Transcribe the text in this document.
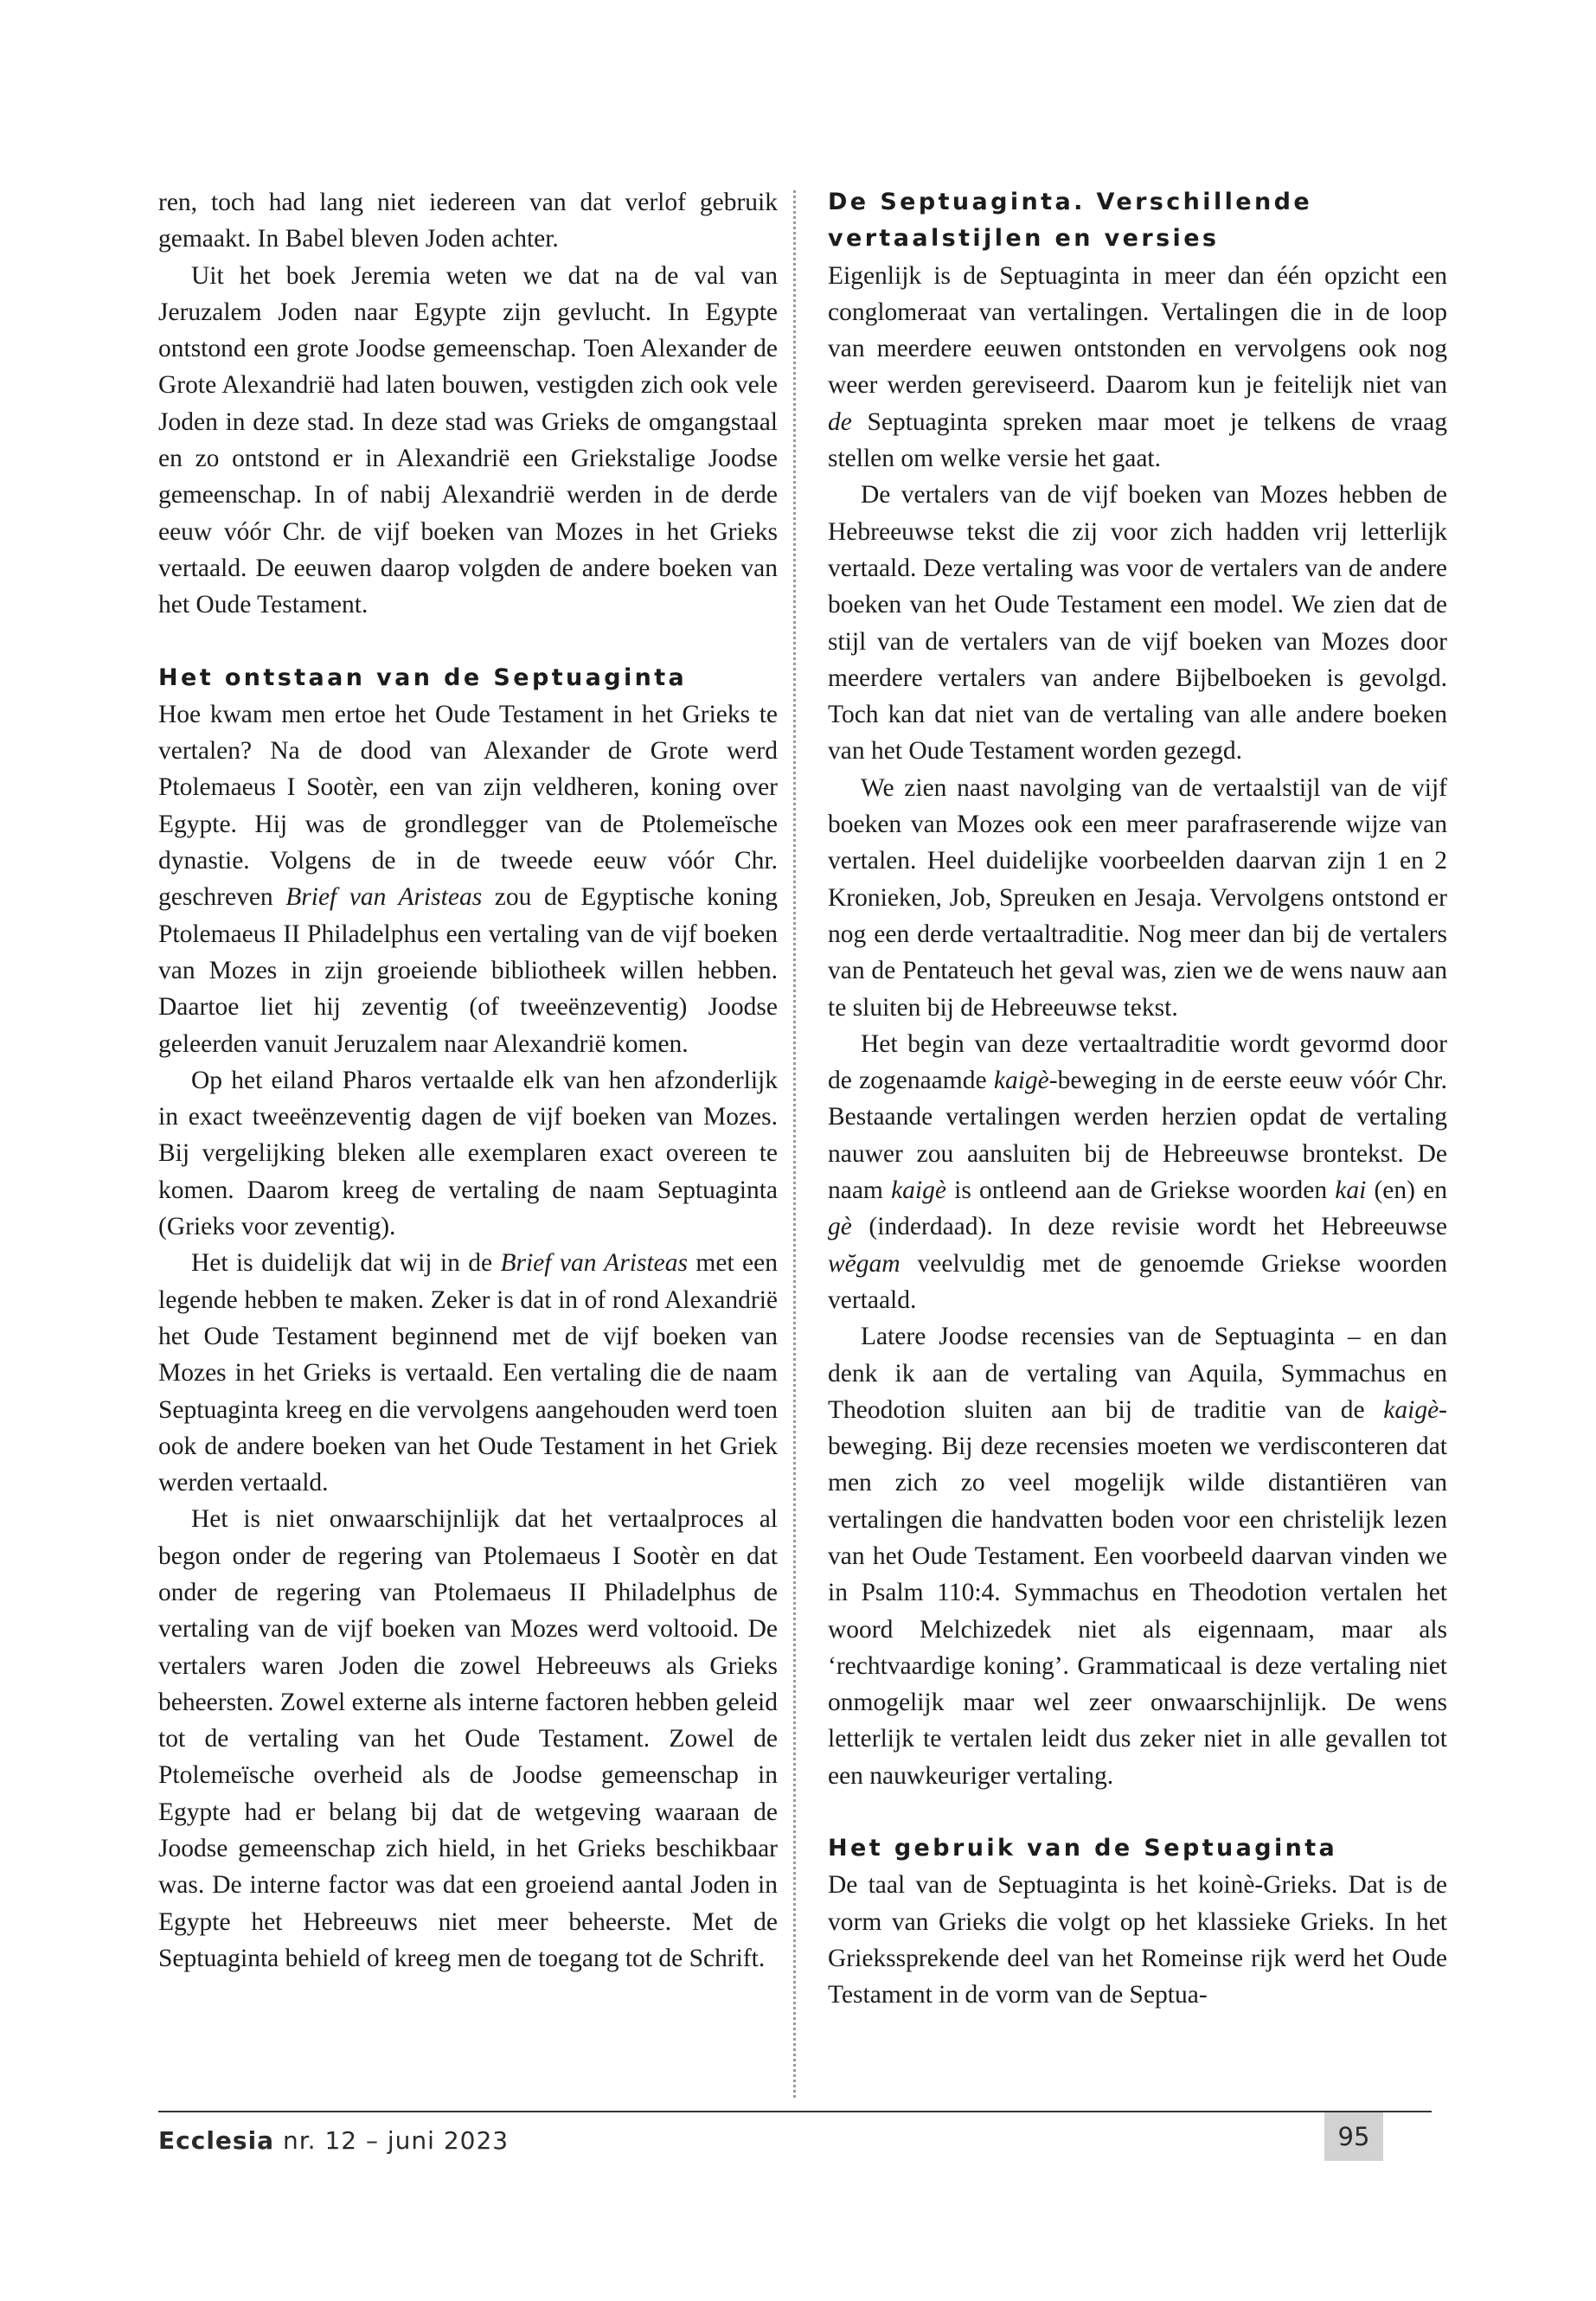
ren, toch had lang niet iedereen van dat verlof gebruik gemaakt. In Babel bleven Joden achter.

Uit het boek Jeremia weten we dat na de val van Jeruzalem Joden naar Egypte zijn gevlucht. In Egypte ontstond een grote Joodse gemeenschap. Toen Alexander de Grote Alexandrië had laten bouwen, vestigden zich ook vele Joden in deze stad. In deze stad was Grieks de omgangstaal en zo ontstond er in Alexandrië een Griekstalige Joodse gemeenschap. In of nabij Alexandrië werden in de derde eeuw vóór Chr. de vijf boeken van Mozes in het Grieks vertaald. De eeuwen daarop volgden de andere boeken van het Oude Testament.

Het ontstaan van de Septuaginta

Hoe kwam men ertoe het Oude Testament in het Grieks te vertalen? Na de dood van Alexander de Grote werd Ptolemaeus I Sootèr, een van zijn veldheren, koning over Egypte. Hij was de grondlegger van de Ptolemeïsche dynastie. Volgens de in de tweede eeuw vóór Chr. geschreven Brief van Aristeas zou de Egyptische koning Ptolemaeus II Philadelphus een vertaling van de vijf boeken van Mozes in zijn groeiende bibliotheek willen hebben. Daartoe liet hij zeventig (of tweeënzeventig) Joodse geleerden vanuit Jeruzalem naar Alexandrië komen.

Op het eiland Pharos vertaalde elk van hen afzonderlijk in exact tweeënzeventig dagen de vijf boeken van Mozes. Bij vergelijking bleken alle exemplaren exact overeen te komen. Daarom kreeg de vertaling de naam Septuaginta (Grieks voor zeventig).

Het is duidelijk dat wij in de Brief van Aristeas met een legende hebben te maken. Zeker is dat in of rond Alexandrië het Oude Testament beginnend met de vijf boeken van Mozes in het Grieks is vertaald. Een vertaling die de naam Septuaginta kreeg en die vervolgens aangehouden werd toen ook de andere boeken van het Oude Testament in het Griek werden vertaald.

Het is niet onwaarschijnlijk dat het vertaalproces al begon onder de regering van Ptolemaeus I Sootèr en dat onder de regering van Ptolemaeus II Philadelphus de vertaling van de vijf boeken van Mozes werd voltooid. De vertalers waren Joden die zowel Hebreeuws als Grieks beheersten. Zowel externe als interne factoren hebben geleid tot de vertaling van het Oude Testament. Zowel de Ptolemeïsche overheid als de Joodse gemeenschap in Egypte had er belang bij dat de wetgeving waaraan de Joodse gemeenschap zich hield, in het Grieks beschikbaar was. De interne factor was dat een groeiend aantal Joden in Egypte het Hebreeuws niet meer beheerste. Met de Septuaginta behield of kreeg men de toegang tot de Schrift.

De Septuaginta. Verschillende vertaalstijlen en versies

Eigenlijk is de Septuaginta in meer dan één opzicht een conglomeraat van vertalingen. Vertalingen die in de loop van meerdere eeuwen ontstonden en vervolgens ook nog weer werden gereviseerd. Daarom kun je feitelijk niet van de Septuaginta spreken maar moet je telkens de vraag stellen om welke versie het gaat.

De vertalers van de vijf boeken van Mozes hebben de Hebreeuwse tekst die zij voor zich hadden vrij letterlijk vertaald. Deze vertaling was voor de vertalers van de andere boeken van het Oude Testament een model. We zien dat de stijl van de vertalers van de vijf boeken van Mozes door meerdere vertalers van andere Bijbelboeken is gevolgd. Toch kan dat niet van de vertaling van alle andere boeken van het Oude Testament worden gezegd.

We zien naast navolging van de vertaalstijl van de vijf boeken van Mozes ook een meer parafraserende wijze van vertalen. Heel duidelijke voorbeelden daarvan zijn 1 en 2 Kronieken, Job, Spreuken en Jesaja. Vervolgens ontstond er nog een derde vertaaltraditie. Nog meer dan bij de vertalers van de Pentateuch het geval was, zien we de wens nauw aan te sluiten bij de Hebreeuwse tekst.

Het begin van deze vertaaltraditie wordt gevormd door de zogenaamde kaigè-beweging in de eerste eeuw vóór Chr. Bestaande vertalingen werden herzien opdat de vertaling nauwer zou aansluiten bij de Hebreeuwse brontekst. De naam kaigè is ontleend aan de Griekse woorden kai (en) en gè (inderdaad). In deze revisie wordt het Hebreeuwse wĕgam veelvuldig met de genoemde Griekse woorden vertaald.

Latere Joodse recensies van de Septuaginta – en dan denk ik aan de vertaling van Aquila, Symmachus en Theodotion sluiten aan bij de traditie van de kaigè-beweging. Bij deze recensies moeten we verdisconteren dat men zich zo veel mogelijk wilde distantiëren van vertalingen die handvatten boden voor een christelijk lezen van het Oude Testament. Een voorbeeld daarvan vinden we in Psalm 110:4. Symmachus en Theodotion vertalen het woord Melchizedek niet als eigennaam, maar als ‘rechtvaardige koning’. Grammaticaal is deze vertaling niet onmogelijk maar wel zeer onwaarschijnlijk. De wens letterlijk te vertalen leidt dus zeker niet in alle gevallen tot een nauwkeuriger vertaling.

Het gebruik van de Septuaginta

De taal van de Septuaginta is het koinè-Grieks. Dat is de vorm van Grieks die volgt op het klassieke Grieks. In het Griekssprekende deel van het Romeinse rijk werd het Oude Testament in de vorm van de Septua-

Ecclesia nr. 12 – juni 2023	95
